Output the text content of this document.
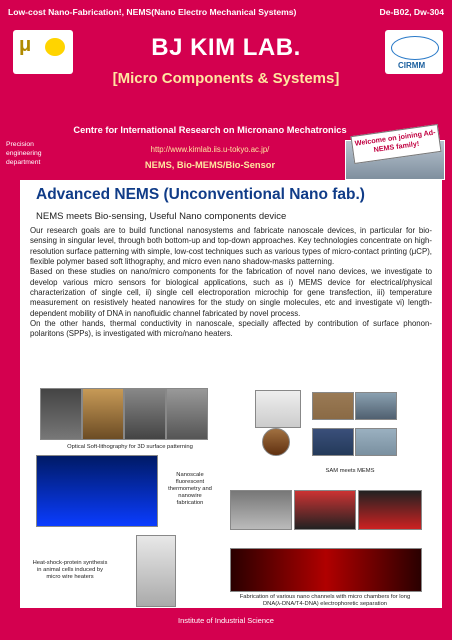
Low-cost Nano-Fabrication!, NEMS(Nano Electro Mechanical Systems)	De-B02, Dw-304
μ
CIRMM
BJ KIM LAB.
[Micro Components & Systems]
Precision engineering department
Centre for International Research on Micronano Mechatronics
http://www.kimlab.iis.u-tokyo.ac.jp/
NEMS, Bio-MEMS/Bio-Sensor
Welcome on joining Ad-NEMS family!
Advanced NEMS (Unconventional Nano fab.)
NEMS meets Bio-sensing, Useful Nano components device

Our research goals are to build functional nanosystems and fabricate nanoscale devices, in particular for bio-sensing in singular level, through both bottom-up and top-down approaches. Key technologies concentrate on high-resolution surface patterning with simple, low-cost techniques such as various types of micro-contact printing (μCP), flexible polymer based soft lithography, and micro even nano shadow-masks patterning.

Based on these studies on nano/micro components for the fabrication of novel nano devices, we investigate to develop various micro sensors for biological applications, such as i) MEMS device for electrical/physical characterization of single cell, ii) single cell electroporation microchip for gene transfection, iii) temperature measurement on resistively heated nanowires for the study on single molecules, etc and investigate vi) length-dependent mobility of DNA in nanofluidic channel fabricated by novel process.

On the other hands, thermal conductivity in nanoscale, specially affected by contribution of surface phonon-polaritons (SPPs), is investigated with micro/nano heaters.

Optical Soft-lithography for 3D surface patterning
Nanoscale fluorescent thermometry and nanowire fabrication
Heat-shock-protein synthesis in animal cells induced by micro wire heaters
SAM meets MEMS
Fabrication of various nano channels with micro chambers for long DNA(λ-DNA/T4-DNA) electrophoretic separation
Institute of Industrial Science
